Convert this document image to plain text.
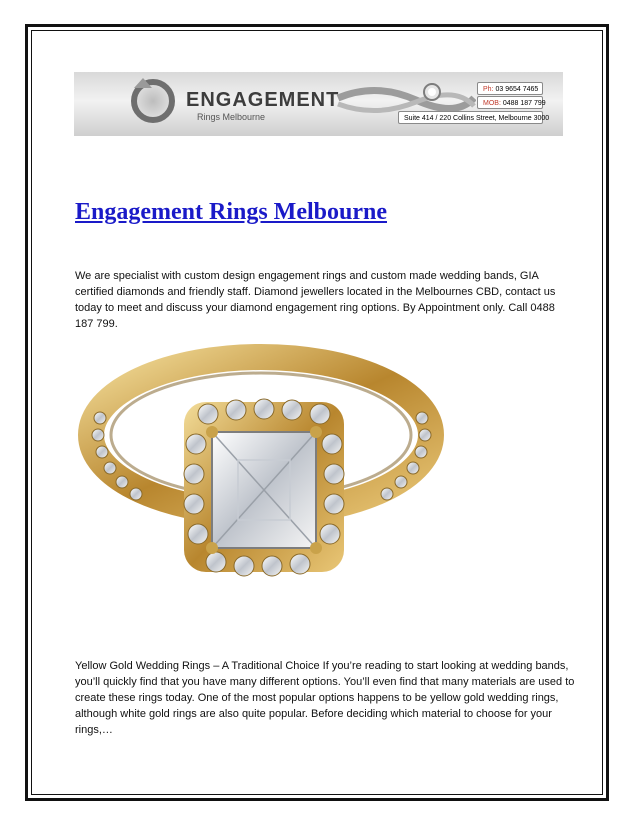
ENGAGEMENT
Rings Melbourne
Ph: 03 9654 7465
MOB: 0488 187 799
Suite 414 / 220 Collins Street, Melbourne 3000
Engagement Rings Melbourne

We are specialist with custom design engagement rings and custom made wedding bands, GIA certified diamonds and friendly staff. Diamond jewellers located in the Melbournes CBD, contact us today to meet and discuss your diamond engagement ring options. By Appointment only. Call 0488 187 799.

Yellow Gold Wedding Rings – A Traditional Choice If you’re reading to start looking at wedding bands, you’ll quickly find that you have many different options. You’ll even find that many materials are used to create these rings today. One of the most popular options happens to be yellow gold wedding rings, although white gold rings are also quite popular. Before deciding which material to choose for your rings,…
